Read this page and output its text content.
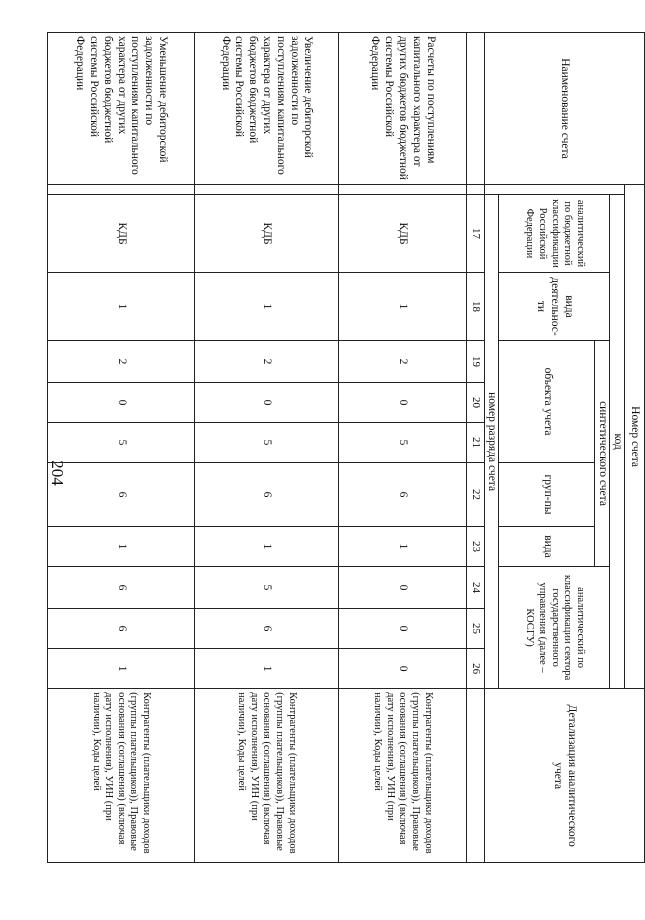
204
Наименование счета	Номер счета											Детализация аналитического учета
		код										
		аналитический по бюджетной классификации Российской Федерации	вида деятельнос-ти	синтетического счета					аналитический по классификации сектора государственного управления (далее – КОСГУ)			
				объекта учета			груп-пы	вида				

		номер разряда счета										
		17	18	19	20	21	22	23	24	25	26	
Расчеты по поступлениям капитального характера от других бюджетов бюджетной системы Российской Федерации		КДБ	1	2	0	5	6	1	0	0	0	Контрагенты (плательщики доходов (группы плательщиков)), Правовые основания (соглашения) (включая дату исполнения), УИН (при наличии), Коды целей
Увеличение дебиторской задолженности по поступлениям капитального характера от других бюджетов бюджетной системы Российской Федерации		КДБ	1	2	0	5	6	1	5	6	1	Контрагенты (плательщики доходов (группы плательщиков)), Правовые основания (соглашения) (включая дату исполнения), УИН (при наличии), Коды целей
Уменьшение дебиторской задолженности по поступлениям капитального характера от других бюджетов бюджетной системы Российской Федерации		КДБ	1	2	0	5	6	1	6	6	1	Контрагенты (плательщики доходов (группы плательщиков)), Правовые основания (соглашения) (включая дату исполнения), УИН (при наличии), Коды целей
